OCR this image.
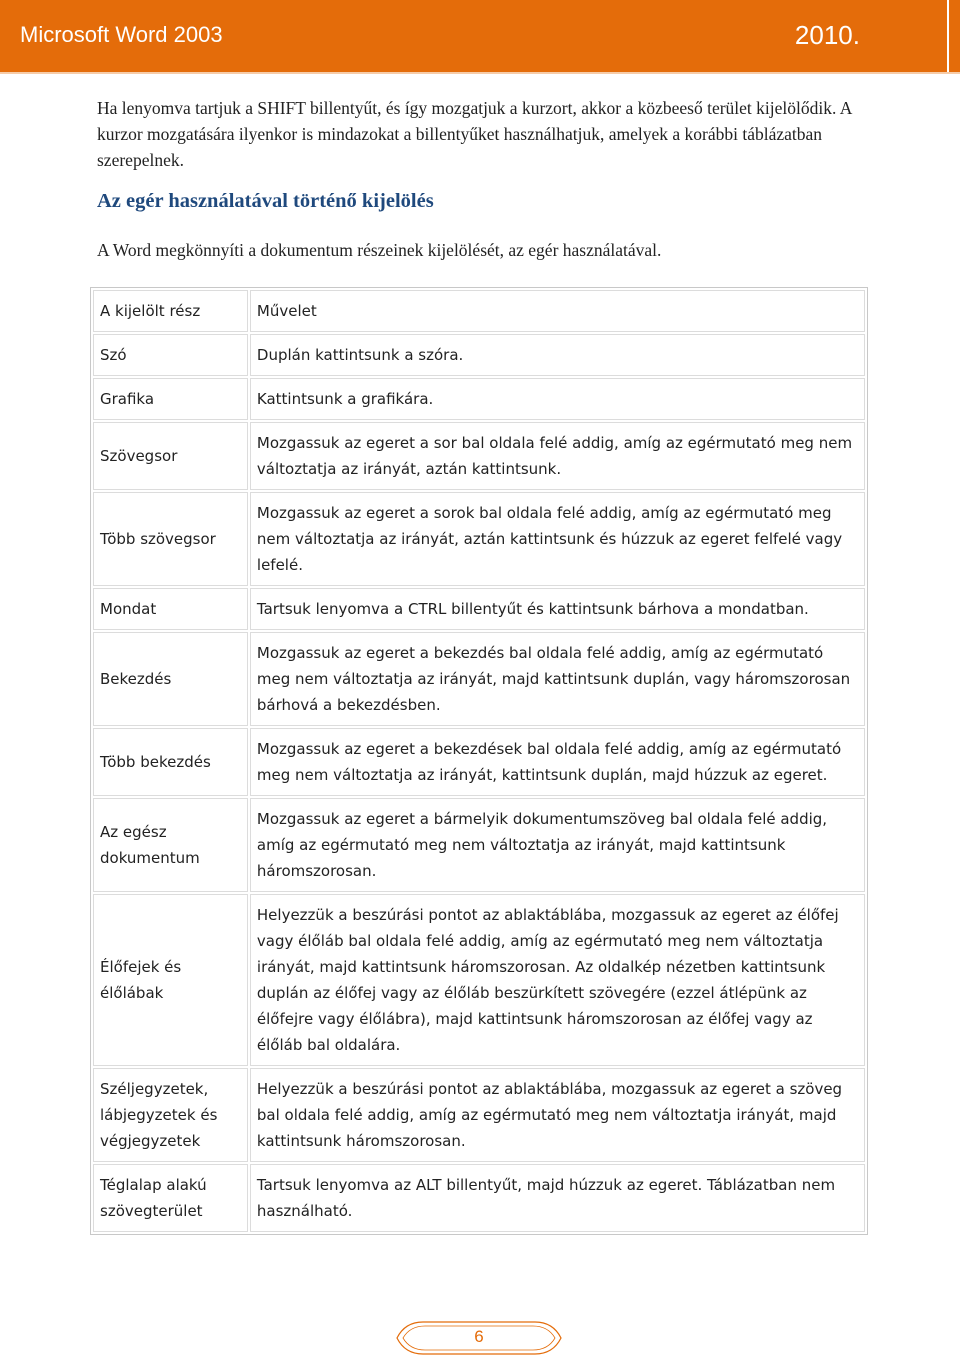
Microsoft Word 2003	2010.

Ha lenyomva tartjuk a SHIFT billentyűt, és így mozgatjuk a kurzort, akkor a közbeeső terület kijelölődik. A kurzor mozgatására ilyenkor is mindazokat a billentyűket használhatjuk, amelyek a korábbi táblázatban szerepelnek.

Az egér használatával történő kijelölés

A Word megkönnyíti a dokumentum részeinek kijelölését, az egér használatával.

A kijelölt rész	Művelet
Szó	Duplán kattintsunk a szóra.
Grafika	Kattintsunk a grafikára.
Szövegsor	Mozgassuk az egeret a sor bal oldala felé addig, amíg az egérmutató meg nem változtatja az irányát, aztán kattintsunk.
Több szövegsor	Mozgassuk az egeret a sorok bal oldala felé addig, amíg az egérmutató meg nem változtatja az irányát, aztán kattintsunk és húzzuk az egeret felfelé vagy lefelé.
Mondat	Tartsuk lenyomva a CTRL billentyűt és kattintsunk bárhova a mondatban.
Bekezdés	Mozgassuk az egeret a bekezdés bal oldala felé addig, amíg az egérmutató meg nem változtatja az irányát, majd kattintsunk duplán, vagy háromszorosan bárhová a bekezdésben.
Több bekezdés	Mozgassuk az egeret a bekezdések bal oldala felé addig, amíg az egérmutató meg nem változtatja az irányát, kattintsunk duplán, majd húzzuk az egeret.
Az egész dokumentum	Mozgassuk az egeret a bármelyik dokumentumszöveg bal oldala felé addig, amíg az egérmutató meg nem változtatja az irányát, majd kattintsunk háromszorosan.
Élőfejek és élőlábak	Helyezzük a beszúrási pontot az ablaktáblába, mozgassuk az egeret az élőfej vagy élőláb bal oldala felé addig, amíg az egérmutató meg nem változtatja irányát, majd kattintsunk háromszorosan. Az oldalkép nézetben kattintsunk duplán az élőfej vagy az élőláb beszürkített szövegére (ezzel átlépünk az élőfejre vagy élőlábra), majd kattintsunk háromszorosan az élőfej vagy az élőláb bal oldalára.
Széljegyzetek, lábjegyzetek és végjegyzetek	Helyezzük a beszúrási pontot az ablaktáblába, mozgassuk az egeret a szöveg bal oldala felé addig, amíg az egérmutató meg nem változtatja irányát, majd kattintsunk háromszorosan.
Téglalap alakú szövegterület	Tartsuk lenyomva az ALT billentyűt, majd húzzuk az egeret. Táblázatban nem használható.
6
